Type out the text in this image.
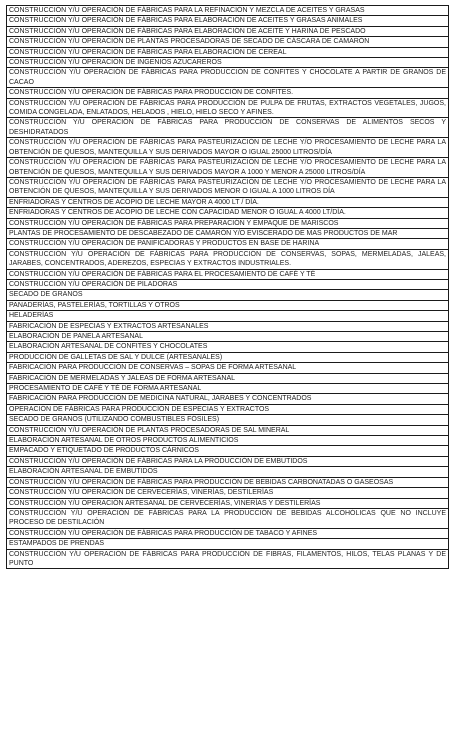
CONSTRUCCIÓN Y/U OPERACIÓN DE FÁBRICAS PARA LA REFINACIÓN Y MEZCLA DE ACEITES Y GRASAS
CONSTRUCCIÓN Y/U OPERACIÓN DE FÁBRICAS PARA ELABORACIÓN DE ACEITES Y GRASAS ANIMALES
CONSTRUCCIÓN Y/U OPERACIÓN DE FÁBRICAS PARA ELABORACIÓN DE ACEITE Y HARINA DE PESCADO
CONSTRUCCIÓN Y/U OPERACIÓN DE PLANTAS PROCESADORAS DE SECADO DE CÁSCARA DE CAMARÓN
CONSTRUCCIÓN Y/U OPERACIÓN DE FÁBRICAS PARA ELABORACIÓN DE CEREAL
CONSTRUCCIÓN Y/U OPERACIÓN DE INGENIOS AZUCAREROS
CONSTRUCCIÓN Y/U OPERACIÓN DE FÁBRICAS PARA PRODUCCIÓN DE CONFITES Y CHOCOLATE A PARTIR DE GRANOS DE CACAO
CONSTRUCCIÓN Y/U OPERACIÓN DE FÁBRICAS PARA PRODUCCIÓN DE CONFITES.
CONSTRUCCIÓN Y/U OPERACIÓN DE FÁBRICAS PARA PRODUCCIÓN DE PULPA DE FRUTAS, EXTRACTOS VEGETALES, JUGOS, COMIDA CONGELADA, ENLATADOS, HELADOS , HIELO, HIELO SECO Y AFINES.
CONSTRUCCIÓN Y/U OPERACIÓN DE FÁBRICAS PARA PRODUCCIÓN DE CONSERVAS DE ALIMENTOS SECOS Y DESHIDRATADOS
CONSTRUCCIÓN Y/U OPERACIÓN DE FÁBRICAS PARA PASTEURIZACIÓN DE LECHE Y/O PROCESAMIENTO DE LECHE PARA LA OBTENCIÓN DE QUESOS, MANTEQUILLA Y SUS DERIVADOS MAYOR O IGUAL 25000 LITROS/DÍA
CONSTRUCCIÓN Y/U OPERACIÓN DE FÁBRICAS PARA PASTEURIZACIÓN DE LECHE Y/O PROCESAMIENTO DE LECHE PARA LA OBTENCIÓN DE QUESOS, MANTEQUILLA Y SUS DERIVADOS MAYOR A 1000 Y MENOR A 25000 LITROS/DÍA
CONSTRUCCIÓN Y/U OPERACIÓN DE FÁBRICAS PARA PASTEURIZACIÓN DE LECHE Y/O PROCESAMIENTO DE LECHE PARA LA OBTENCIÓN DE QUESOS, MANTEQUILLA Y SUS DERIVADOS MENOR O IGUAL A 1000 LITROS DÍA
ENFRIADORAS Y CENTROS DE ACOPIO DE LECHE MAYOR A 4000 LT / DÍA.
ENFRIADORAS Y CENTROS DE ACOPIO DE LECHE CON CAPACIDAD MENOR O IGUAL A 4000 LT/DÍA.
CONSTRUCCIÓN Y/U OPERACIÓN DE FÁBRICAS PARA PREPARACIÓN Y EMPAQUE DE MARISCOS
PLANTAS DE PROCESAMIENTO DE DESCABEZADO DE CAMARÓN Y/O EVISCERADO DE MAS PRODUCTOS DE MAR
CONSTRUCCIÓN Y/U OPERACIÓN DE PANIFICADORAS Y PRODUCTOS EN BASE DE HARINA
CONSTRUCCIÓN Y/U OPERACIÓN DE FÁBRICAS PARA PRODUCCIÓN DE CONSERVAS, SOPAS, MERMELADAS, JALEAS, JARABES, CONCENTRADOS, ADEREZOS, ESPECIAS Y EXTRACTOS INDUSTRIALES.
CONSTRUCCIÓN Y/U OPERACIÓN DE FÁBRICAS PARA EL PROCESAMIENTO DE CAFÉ Y TÉ
CONSTRUCCIÓN Y/U OPERACIÓN DE PILADORAS
SECADO DE GRANOS
PANADERÍAS, PASTELERÍAS, TORTILLAS Y OTROS
HELADERÍAS
FABRICACIÓN DE ESPECIAS Y EXTRACTOS ARTESANALES
ELABORACIÓN DE PANELA ARTESANAL
ELABORACIÓN ARTESANAL DE CONFITES Y CHOCOLATES
PRODUCCIÓN DE GALLETAS DE SAL Y DULCE (ARTESANALES)
FABRICACIÓN PARA PRODUCCIÓN DE CONSERVAS – SOPAS DE FORMA ARTESANAL
FABRICACIÓN DE MERMELADAS Y JALEAS DE FORMA ARTESANAL
PROCESAMIENTO DE CAFÉ Y TÉ DE FORMA ARTESANAL
FABRICACIÓN PARA PRODUCCIÓN DE MEDICINA NATURAL, JARABES Y CONCENTRADOS
OPERACIÓN DE FÁBRICAS PARA PRODUCCIÓN DE ESPECIAS Y EXTRACTOS
SECADO DE GRANOS (UTILIZANDO COMBUSTIBLES FÓSILES)
CONSTRUCCIÓN Y/U OPERACIÓN DE PLANTAS PROCESADORAS DE SAL MINERAL
ELABORACIÓN ARTESANAL DE OTROS PRODUCTOS ALIMENTICIOS
EMPACADO Y ETIQUETADO DE PRODUCTOS CÁRNICOS
CONSTRUCCIÓN Y/U OPERACIÓN DE FÁBRICAS PARA LA PRODUCCIÓN DE EMBUTIDOS
ELABORACIÓN ARTESANAL DE EMBUTIDOS
CONSTRUCCIÓN Y/U OPERACIÓN DE FÁBRICAS PARA PRODUCCIÓN DE BEBIDAS CARBONATADAS O GASEOSAS
CONSTRUCCIÓN Y/U OPERACIÓN DE CERVECERÍAS, VINERÍAS, DESTILERÍAS
CONSTRUCCIÓN Y/U OPERACIÓN ARTESANAL DE CERVECERÍAS, VINERÍAS Y DESTILERÍAS
CONSTRUCCIÓN Y/U OPERACIÓN DE FÁBRICAS PARA LA PRODUCCIÓN DE BEBIDAS ALCOHÓLICAS QUE NO INCLUYE PROCESO DE DESTILACIÓN
CONSTRUCCIÓN Y/U OPERACIÓN DE FÁBRICAS PARA PRODUCCIÓN DE TABACO Y AFINES
ESTAMPADOS DE PRENDAS
CONSTRUCCIÓN Y/U OPERACIÓN DE FÁBRICAS PARA PRODUCCIÓN DE FIBRAS, FILAMENTOS, HILOS, TELAS PLANAS Y DE PUNTO
